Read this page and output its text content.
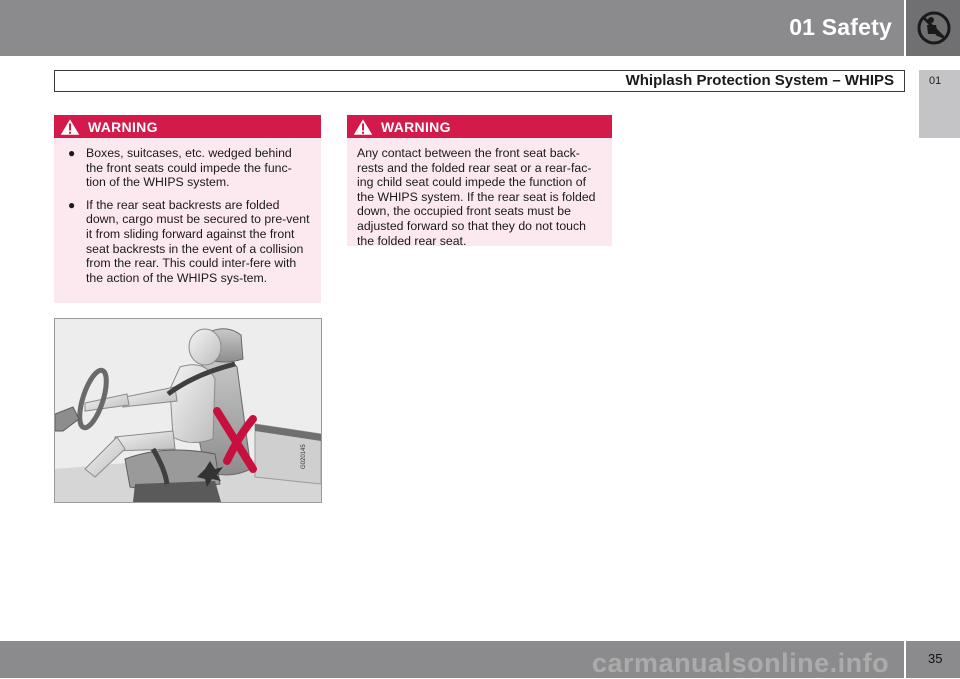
01 Safety
Whiplash Protection System – WHIPS	01
WARNING
● Boxes, suitcases, etc. wedged behind the front seats could impede the func-tion of the WHIPS system.
● If the rear seat backrests are folded down, cargo must be secured to pre-vent it from sliding forward against the front seat backrests in the event of a collision from the rear. This could inter-fere with the action of the WHIPS sys-tem.
WARNING
Any contact between the front seat back-rests and the folded rear seat or a rear-fac-ing child seat could impede the function of the WHIPS system. If the rear seat is folded down, the occupied front seats must be adjusted forward so that they do not touch the folded rear seat.
G020145
35
carmanualsonline.info
